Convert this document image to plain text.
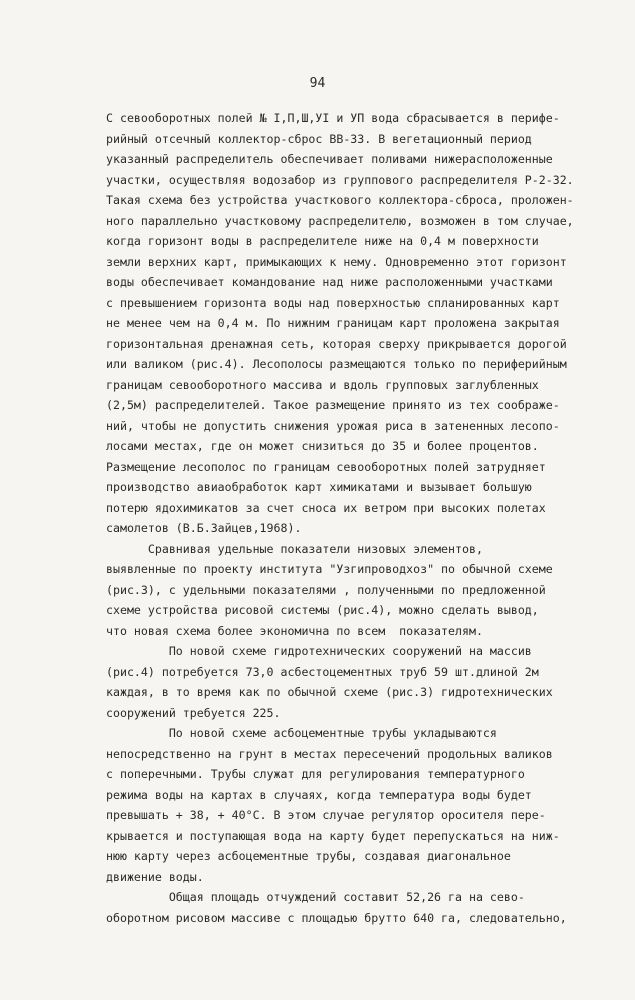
94
С севооборотных полей № I,П,Ш,УI и УП вода сбрасывается в перифе-
рийный отсечный коллектор-сброс ВВ-33. В вегетационный период
указанный распределитель обеспечивает поливами нижерасположенные
участки, осуществляя водозабор из группового распределителя Р-2-32.
Такая схема без устройства участкового коллектора-сброса, проложен-
ного параллельно участковому распределителю, возможен в том случае,
когда горизонт воды в распределителе ниже на 0,4 м поверхности
земли верхних карт, примыкающих к нему. Одновременно этот горизонт
воды обеспечивает командование над ниже расположенными участками
с превышением горизонта воды над поверхностью спланированных карт
не менее чем на 0,4 м. По нижним границам карт проложена закрытая
горизонтальная дренажная сеть, которая сверху прикрывается дорогой
или валиком (рис.4). Лесополосы размещаются только по периферийным
границам севооборотного массива и вдоль групповых заглубленных
(2,5м) распределителей. Такое размещение принято из тех соображе-
ний, чтобы не допустить снижения урожая риса в затененных лесопо-
лосами местах, где он может снизиться до 35 и более процентов.
Размещение лесополос по границам севооборотных полей затрудняет
производство авиаобработок карт химикатами и вызывает большую
потерю ядохимикатов за счет сноса их ветром при высоких полетах
самолетов (В.Б.Зайцев,1968).
Сравнивая удельные показатели низовых элементов,
выявленные по проекту института "Узгипроводхоз" по обычной схеме
(рис.3), с удельными показателями , полученными по предложенной
схеме устройства рисовой системы (рис.4), можно сделать вывод,
что новая схема более экономична по всем  показателям.
По новой схеме гидротехнических сооружений на массив
(рис.4) потребуется 73,0 асбестоцементных труб 59 шт.длиной 2м
каждая, в то время как по обычной схеме (рис.3) гидротехнических
сооружений требуется 225.
По новой схеме асбоцементные трубы укладываются
непосредственно на грунт в местах пересечений продольных валиков
с поперечными. Трубы служат для регулирования температурного
режима воды на картах в случаях, когда температура воды будет
превышать + 38, + 40°С. В этом случае регулятор оросителя пере-
крывается и поступающая вода на карту будет перепускаться на ниж-
нюю карту через асбоцементные трубы, создавая диагональное
движение воды.
Общая площадь отчуждений составит 52,26 га на сево-
оборотном рисовом массиве с площадью брутто 640 га, следовательно,
